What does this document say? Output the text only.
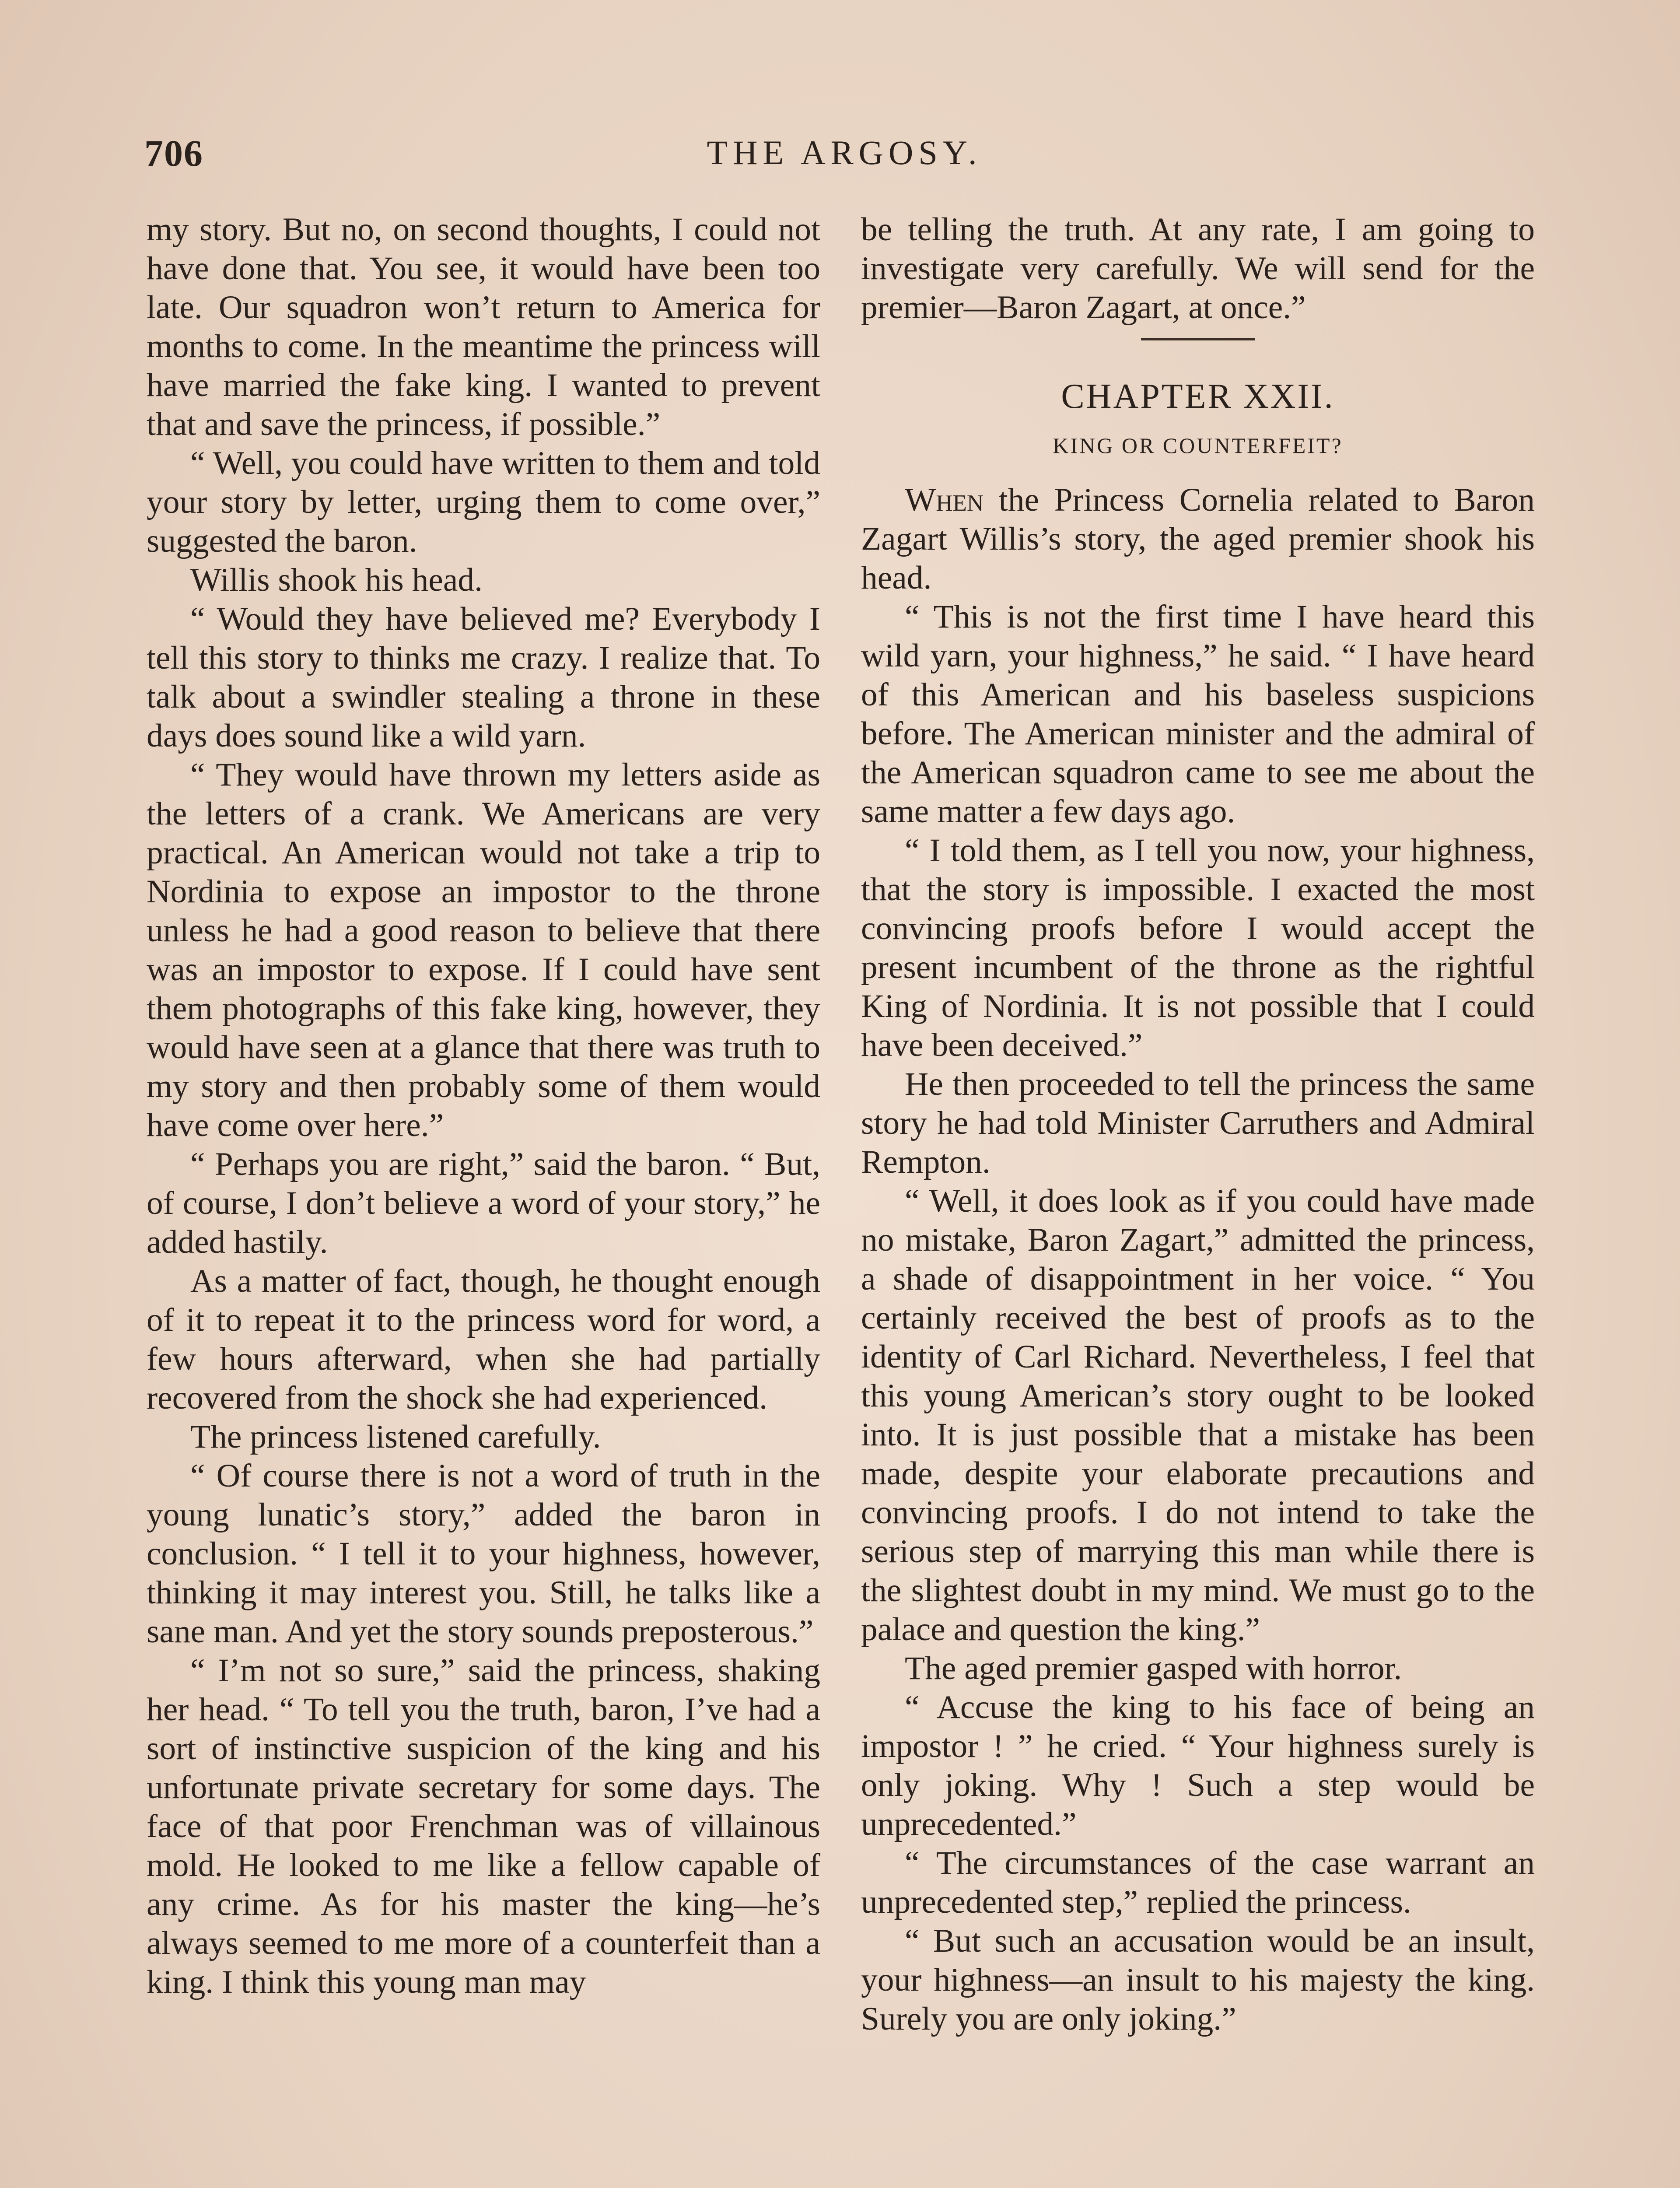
706	THE ARGOSY.

my story. But no, on second thoughts, I could not have done that. You see, it would have been too late. Our squadron won’t return to America for months to come. In the meantime the princess will have married the fake king. I wanted to prevent that and save the princess, if possible.”

“ Well, you could have written to them and told your story by letter, urging them to come over,” suggested the baron.

Willis shook his head.

“ Would they have believed me? Everybody I tell this story to thinks me crazy. I realize that. To talk about a swindler stealing a throne in these days does sound like a wild yarn.

“ They would have thrown my letters aside as the letters of a crank. We Americans are very practical. An American would not take a trip to Nordinia to expose an impostor to the throne unless he had a good reason to believe that there was an impostor to expose. If I could have sent them photographs of this fake king, however, they would have seen at a glance that there was truth to my story and then probably some of them would have come over here.”

“ Perhaps you are right,” said the baron. “ But, of course, I don’t believe a word of your story,” he added hastily.

As a matter of fact, though, he thought enough of it to repeat it to the princess word for word, a few hours afterward, when she had partially recovered from the shock she had experienced.

The princess listened carefully.

“ Of course there is not a word of truth in the young lunatic’s story,” added the baron in conclusion. “ I tell it to your highness, however, thinking it may interest you. Still, he talks like a sane man. And yet the story sounds preposterous.”

“ I’m not so sure,” said the princess, shaking her head. “ To tell you the truth, baron, I’ve had a sort of instinctive suspicion of the king and his unfortunate private secretary for some days. The face of that poor Frenchman was of villainous mold. He looked to me like a fellow capable of any crime. As for his master the king—he’s always seemed to me more of a counterfeit than a king. I think this young man may

be telling the truth. At any rate, I am going to investigate very carefully. We will send for the premier—Baron Zagart, at once.”

CHAPTER XXII.
KING OR COUNTERFEIT?

When the Princess Cornelia related to Baron Zagart Willis’s story, the aged premier shook his head.

“ This is not the first time I have heard this wild yarn, your highness,” he said. “ I have heard of this American and his baseless suspicions before. The American minister and the admiral of the American squadron came to see me about the same matter a few days ago.

“ I told them, as I tell you now, your highness, that the story is impossible. I exacted the most convincing proofs before I would accept the present incumbent of the throne as the rightful King of Nordinia. It is not possible that I could have been deceived.”

He then proceeded to tell the princess the same story he had told Minister Carruthers and Admiral Rempton.

“ Well, it does look as if you could have made no mistake, Baron Zagart,” admitted the princess, a shade of disappointment in her voice. “ You certainly received the best of proofs as to the identity of Carl Richard. Nevertheless, I feel that this young American’s story ought to be looked into. It is just possible that a mistake has been made, despite your elaborate precautions and convincing proofs. I do not intend to take the serious step of marrying this man while there is the slightest doubt in my mind. We must go to the palace and question the king.”

The aged premier gasped with horror.

“ Accuse the king to his face of being an impostor ! ” he cried. “ Your highness surely is only joking. Why ! Such a step would be unprecedented.”

“ The circumstances of the case warrant an unprecedented step,” replied the princess.

“ But such an accusation would be an insult, your highness—an insult to his majesty the king. Surely you are only joking.”
